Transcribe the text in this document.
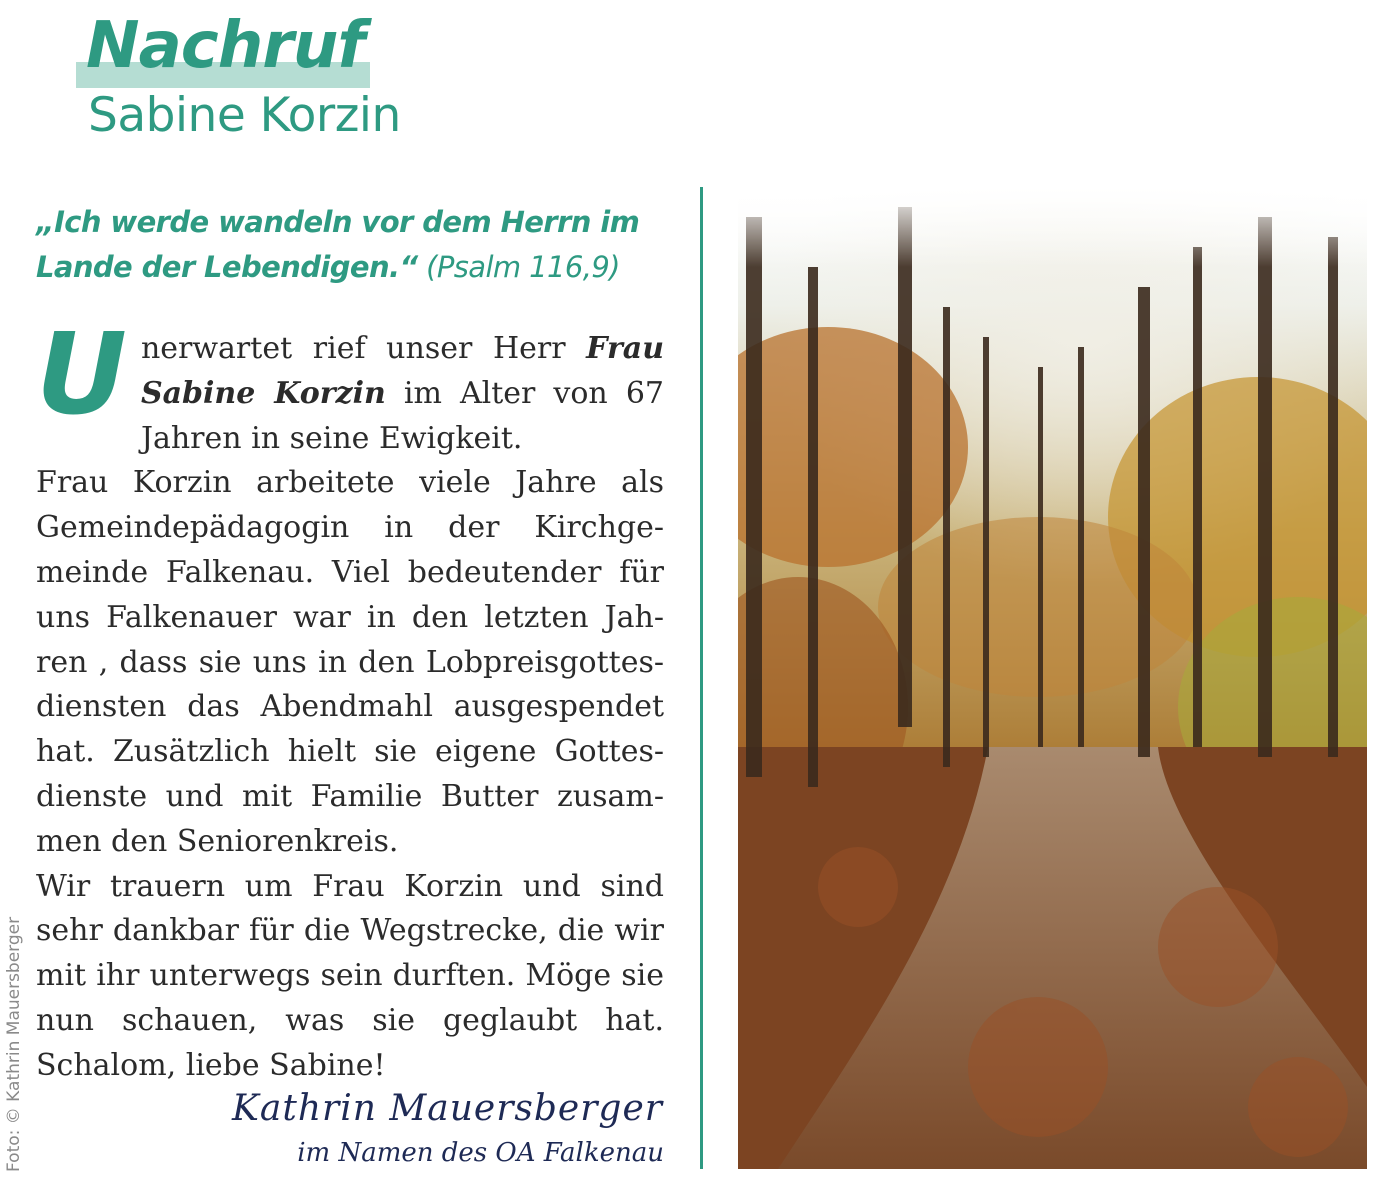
Nachruf
Sabine Korzin
„Ich werde wandeln vor dem Herrn im Lande der Lebendigen.“ (Psalm 116,9)

Unerwartet rief unser Herr Frau Sabine Korzin im Alter von 67 Jahren in seine Ewigkeit.

Frau Korzin arbeitete viele Jahre als Gemeindepädagogin in der Kirchgemeinde Falkenau. Viel bedeutender für uns Falkenauer war in den letzten Jahren , dass sie uns in den Lobpreisgottesdiensten das Abendmahl ausgespendet hat. Zusätzlich hielt sie eigene Gottesdienste und mit Familie Butter zusammen den Seniorenkreis.

Wir trauern um Frau Korzin und sind sehr dankbar für die Wegstrecke, die wir mit ihr unterwegs sein durften. Möge sie nun schauen, was sie geglaubt hat. Schalom, liebe Sabine!

Kathrin Mauersberger
im Namen des OA Falkenau
Foto: © Kathrin Mauersberger
